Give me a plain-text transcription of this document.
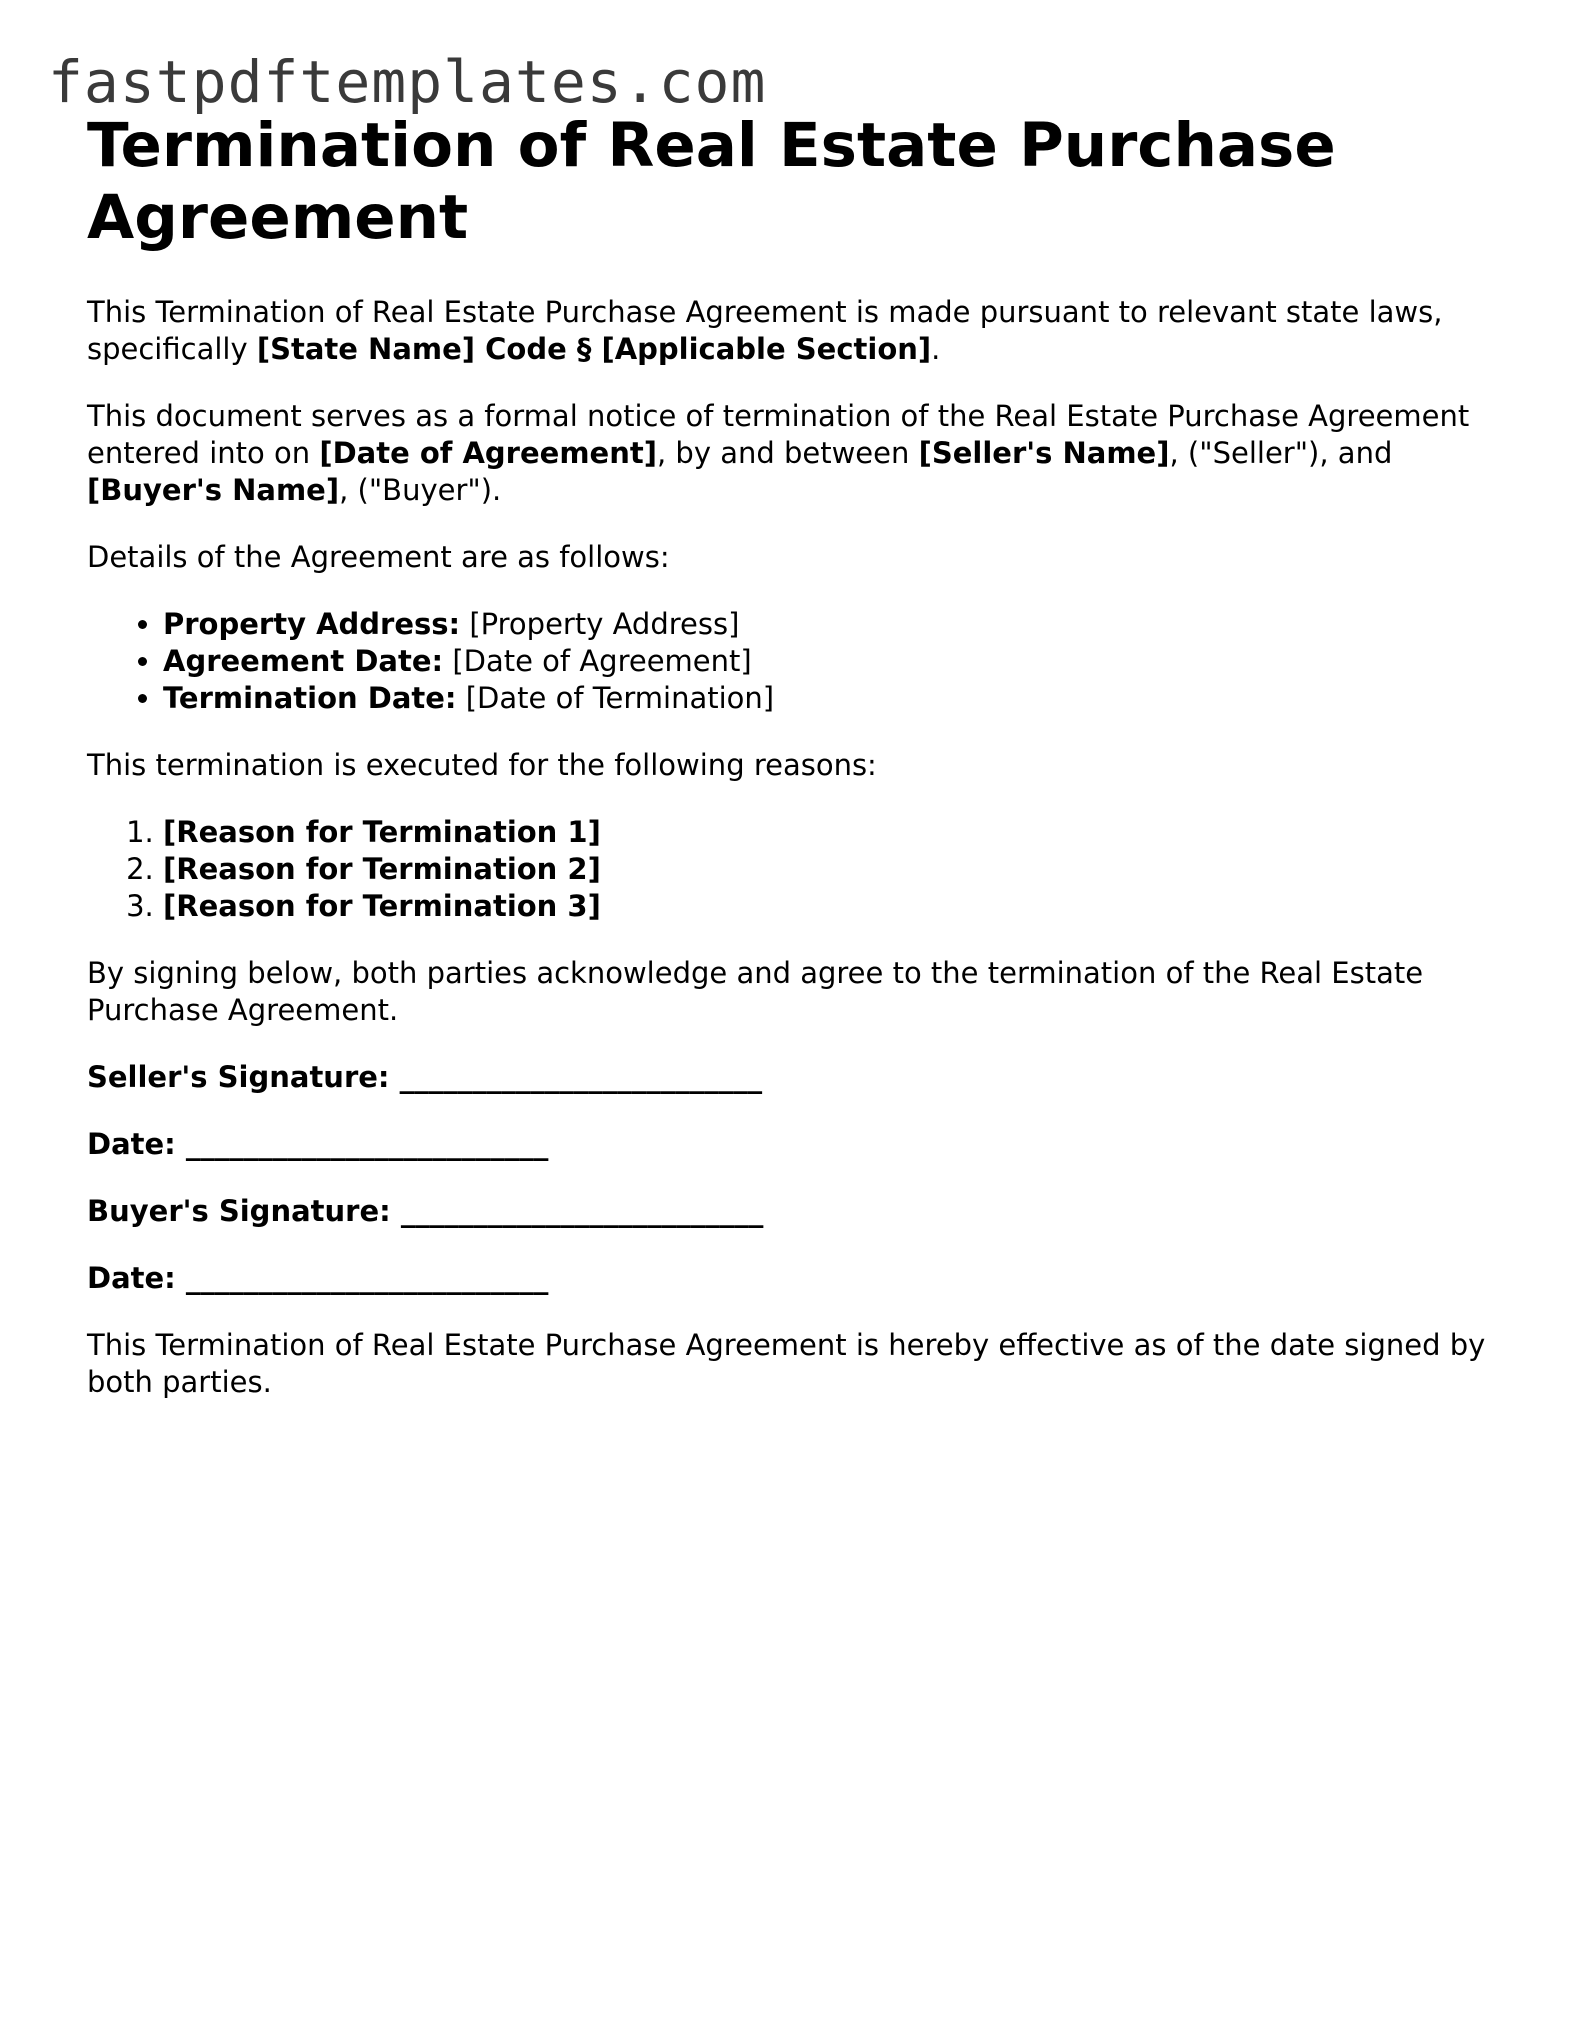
fastpdftemplates.com
Termination of Real Estate Purchase Agreement

This Termination of Real Estate Purchase Agreement is made pursuant to relevant state laws, specifically [State Name] Code § [Applicable Section].

This document serves as a formal notice of termination of the Real Estate Purchase Agreement entered into on [Date of Agreement], by and between [Seller's Name], ("Seller"), and [Buyer's Name], ("Buyer").

Details of the Agreement are as follows:

• Property Address: [Property Address]
• Agreement Date: [Date of Agreement]
• Termination Date: [Date of Termination]

This termination is executed for the following reasons:

1. [Reason for Termination 1]
2. [Reason for Termination 2]
3. [Reason for Termination 3]

By signing below, both parties acknowledge and agree to the termination of the Real Estate Purchase Agreement.

Seller's Signature: _________________________
Date: _________________________
Buyer's Signature: _________________________
Date: _________________________

This Termination of Real Estate Purchase Agreement is hereby effective as of the date signed by both parties.
